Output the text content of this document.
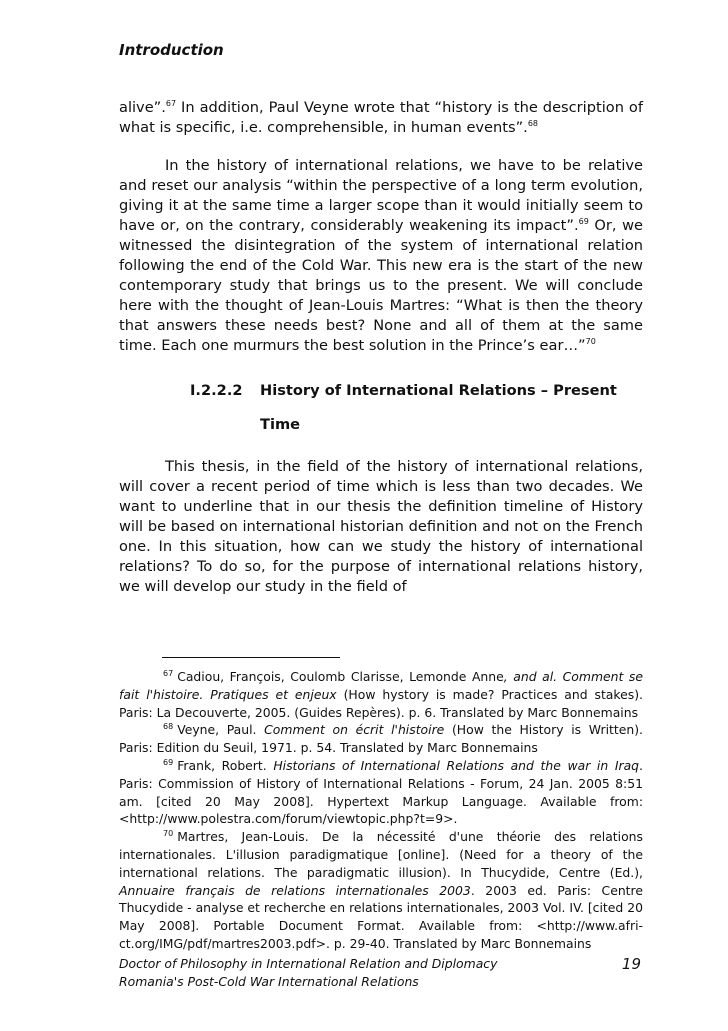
Introduction
alive”.$^{67}$ In addition, Paul Veyne wrote that “history is the description of what is specific, i.e. comprehensible, in human events”.$^{68}$
In the history of international relations, we have to be relative and reset our analysis “within the perspective of a long term evolution, giving it at the same time a larger scope than it would initially seem to have or, on the contrary, considerably weakening its impact”.$^{69}$ Or, we witnessed the disintegration of the system of international relation following the end of the Cold War. This new era is the start of the new contemporary study that brings us to the present. We will conclude here with the thought of Jean-Louis Martres: “What is then the theory that answers these needs best? None and all of them at the same time. Each one murmurs the best solution in the Prince’s ear…”$^{70}$
I.2.2.2 History of International Relations – Present
Time
This thesis, in the field of the history of international relations, will cover a recent period of time which is less than two decades. We want to underline that in our thesis the definition timeline of History will be based on international historian definition and not on the French one. In this situation, how can we study the history of international relations? To do so, for the purpose of international relations history, we will develop our study in the field of

$^{67}$ Cadiou, François, Coulomb Clarisse, Lemonde Anne, and al. Comment se fait l'histoire. Pratiques et enjeux (How hystory is made? Practices and stakes). Paris: La Decouverte, 2005. (Guides Repères). p. 6. Translated by Marc Bonnemains

$^{68}$ Veyne, Paul. Comment on écrit l'histoire (How the History is Written). Paris: Edition du Seuil, 1971. p. 54. Translated by Marc Bonnemains

$^{69}$ Frank, Robert. Historians of International Relations and the war in Iraq. Paris: Commission of History of International Relations - Forum, 24 Jan. 2005 8:51 am. [cited 20 May 2008]. Hypertext Markup Language. Available from: <http://www.polestra.com/forum/viewtopic.php?t=9>.

$^{70}$ Martres, Jean-Louis. De la nécessité d'une théorie des relations internationales. L'illusion paradigmatique [online]. (Need for a theory of the international relations. The paradigmatic illusion). In Thucydide, Centre (Ed.), Annuaire français de relations internationales 2003. 2003 ed. Paris: Centre Thucydide - analyse et recherche en relations internationales, 2003 Vol. IV. [cited 20 May 2008]. Portable Document Format. Available from: <http://www.afri-ct.org/IMG/pdf/martres2003.pdf>. p. 29-40. Translated by Marc Bonnemains

Doctor of Philosophy in International Relation and Diplomacy
Romania's Post-Cold War International Relations
19
